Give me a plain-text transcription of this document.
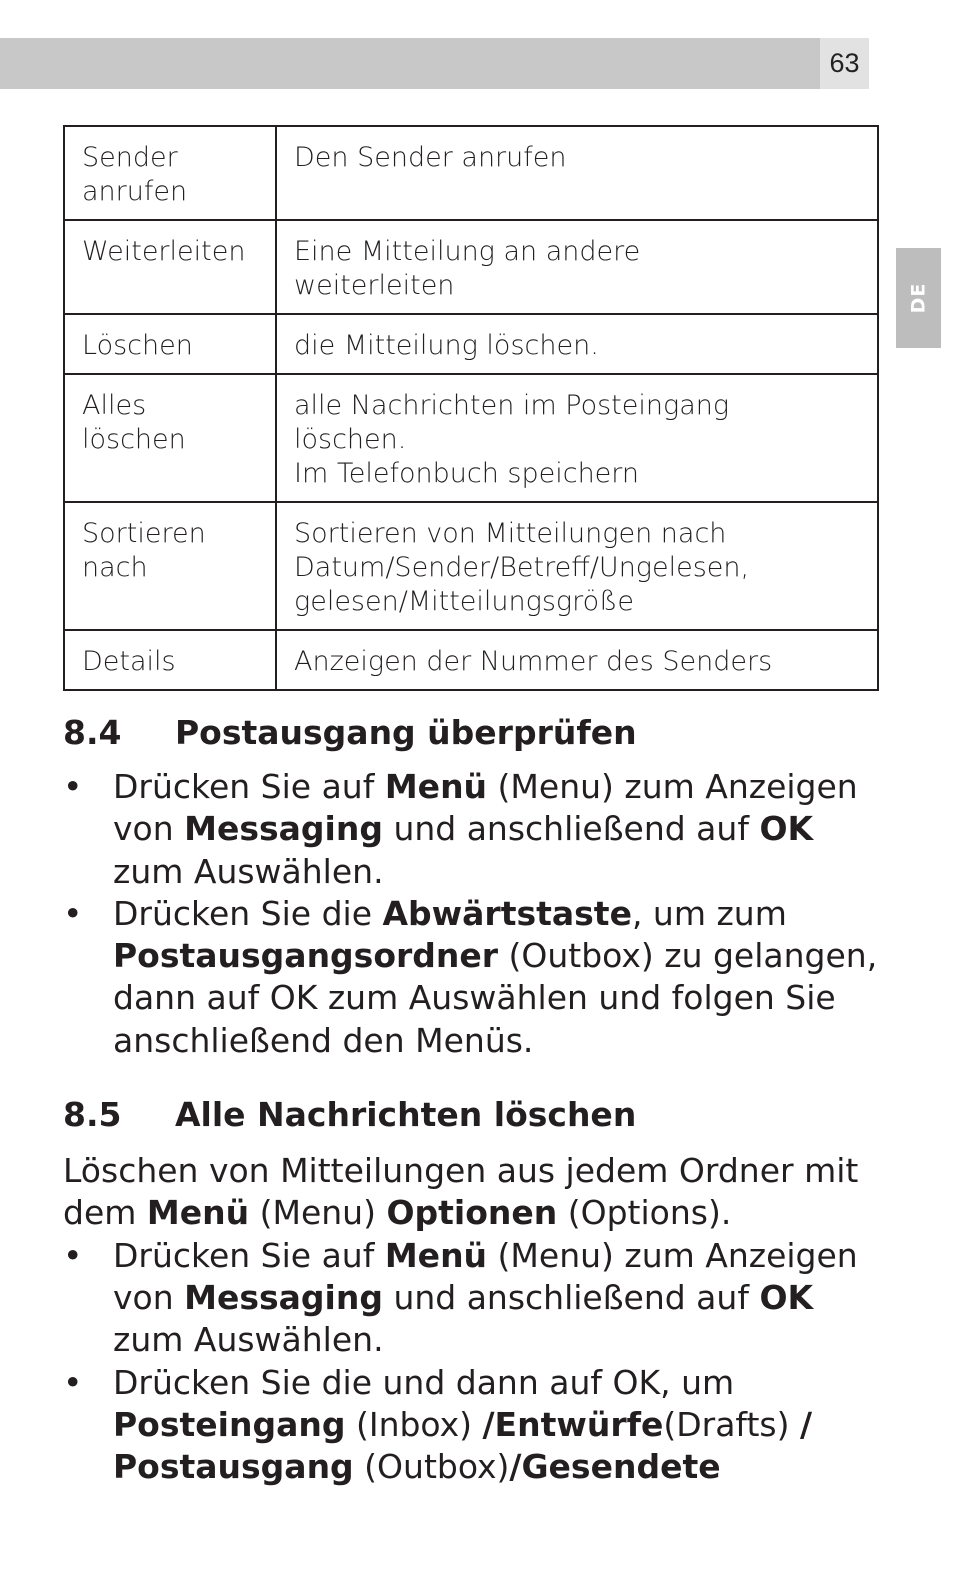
63
DE
Sender
anrufen	Den Sender anrufen
Weiterleiten	Eine Mitteilung an andere
weiterleiten
Löschen	die Mitteilung löschen.
Alles
löschen	alle Nachrichten im Posteingang
löschen.
Im Telefonbuch speichern
Sortieren
nach	Sortieren von Mitteilungen nach
Datum/Sender/Betreff/Ungelesen,
gelesen/Mitteilungsgröße
Details	Anzeigen der Nummer des Senders
8.4	Postausgang überprüfen
• Drücken Sie auf Menü (Menu) zum Anzeigen von Messaging und anschließend auf OK zum Auswählen.
• Drücken Sie die Abwärtstaste, um zum Postausgangsordner (Outbox) zu gelangen, dann auf OK zum Auswählen und folgen Sie anschließend den Menüs.
8.5	Alle Nachrichten löschen

Löschen von Mitteilungen aus jedem Ordner mit dem Menü (Menu) Optionen (Options).

• Drücken Sie auf Menü (Menu) zum Anzeigen von Messaging und anschließend auf OK zum Auswählen.
• Drücken Sie die und dann auf OK, um Posteingang (Inbox) /Entwürfe(Drafts) / Postausgang (Outbox)/Gesendete
